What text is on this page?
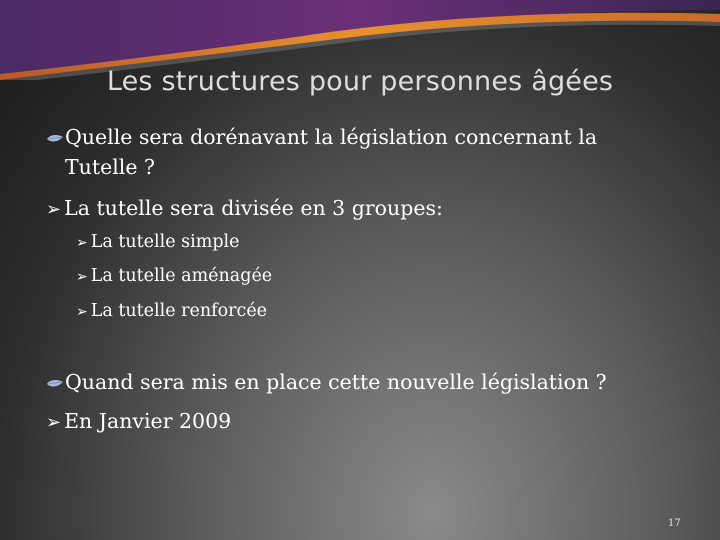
Les structures pour personnes âgées
Quelle sera dorénavant la législation concernant la
Tutelle ?
➢ La tutelle sera divisée en 3 groupes:
➢ La tutelle simple
➢ La tutelle aménagée
➢ La tutelle renforcée
Quand sera mis en place cette nouvelle législation ?
➢ En Janvier 2009
17
